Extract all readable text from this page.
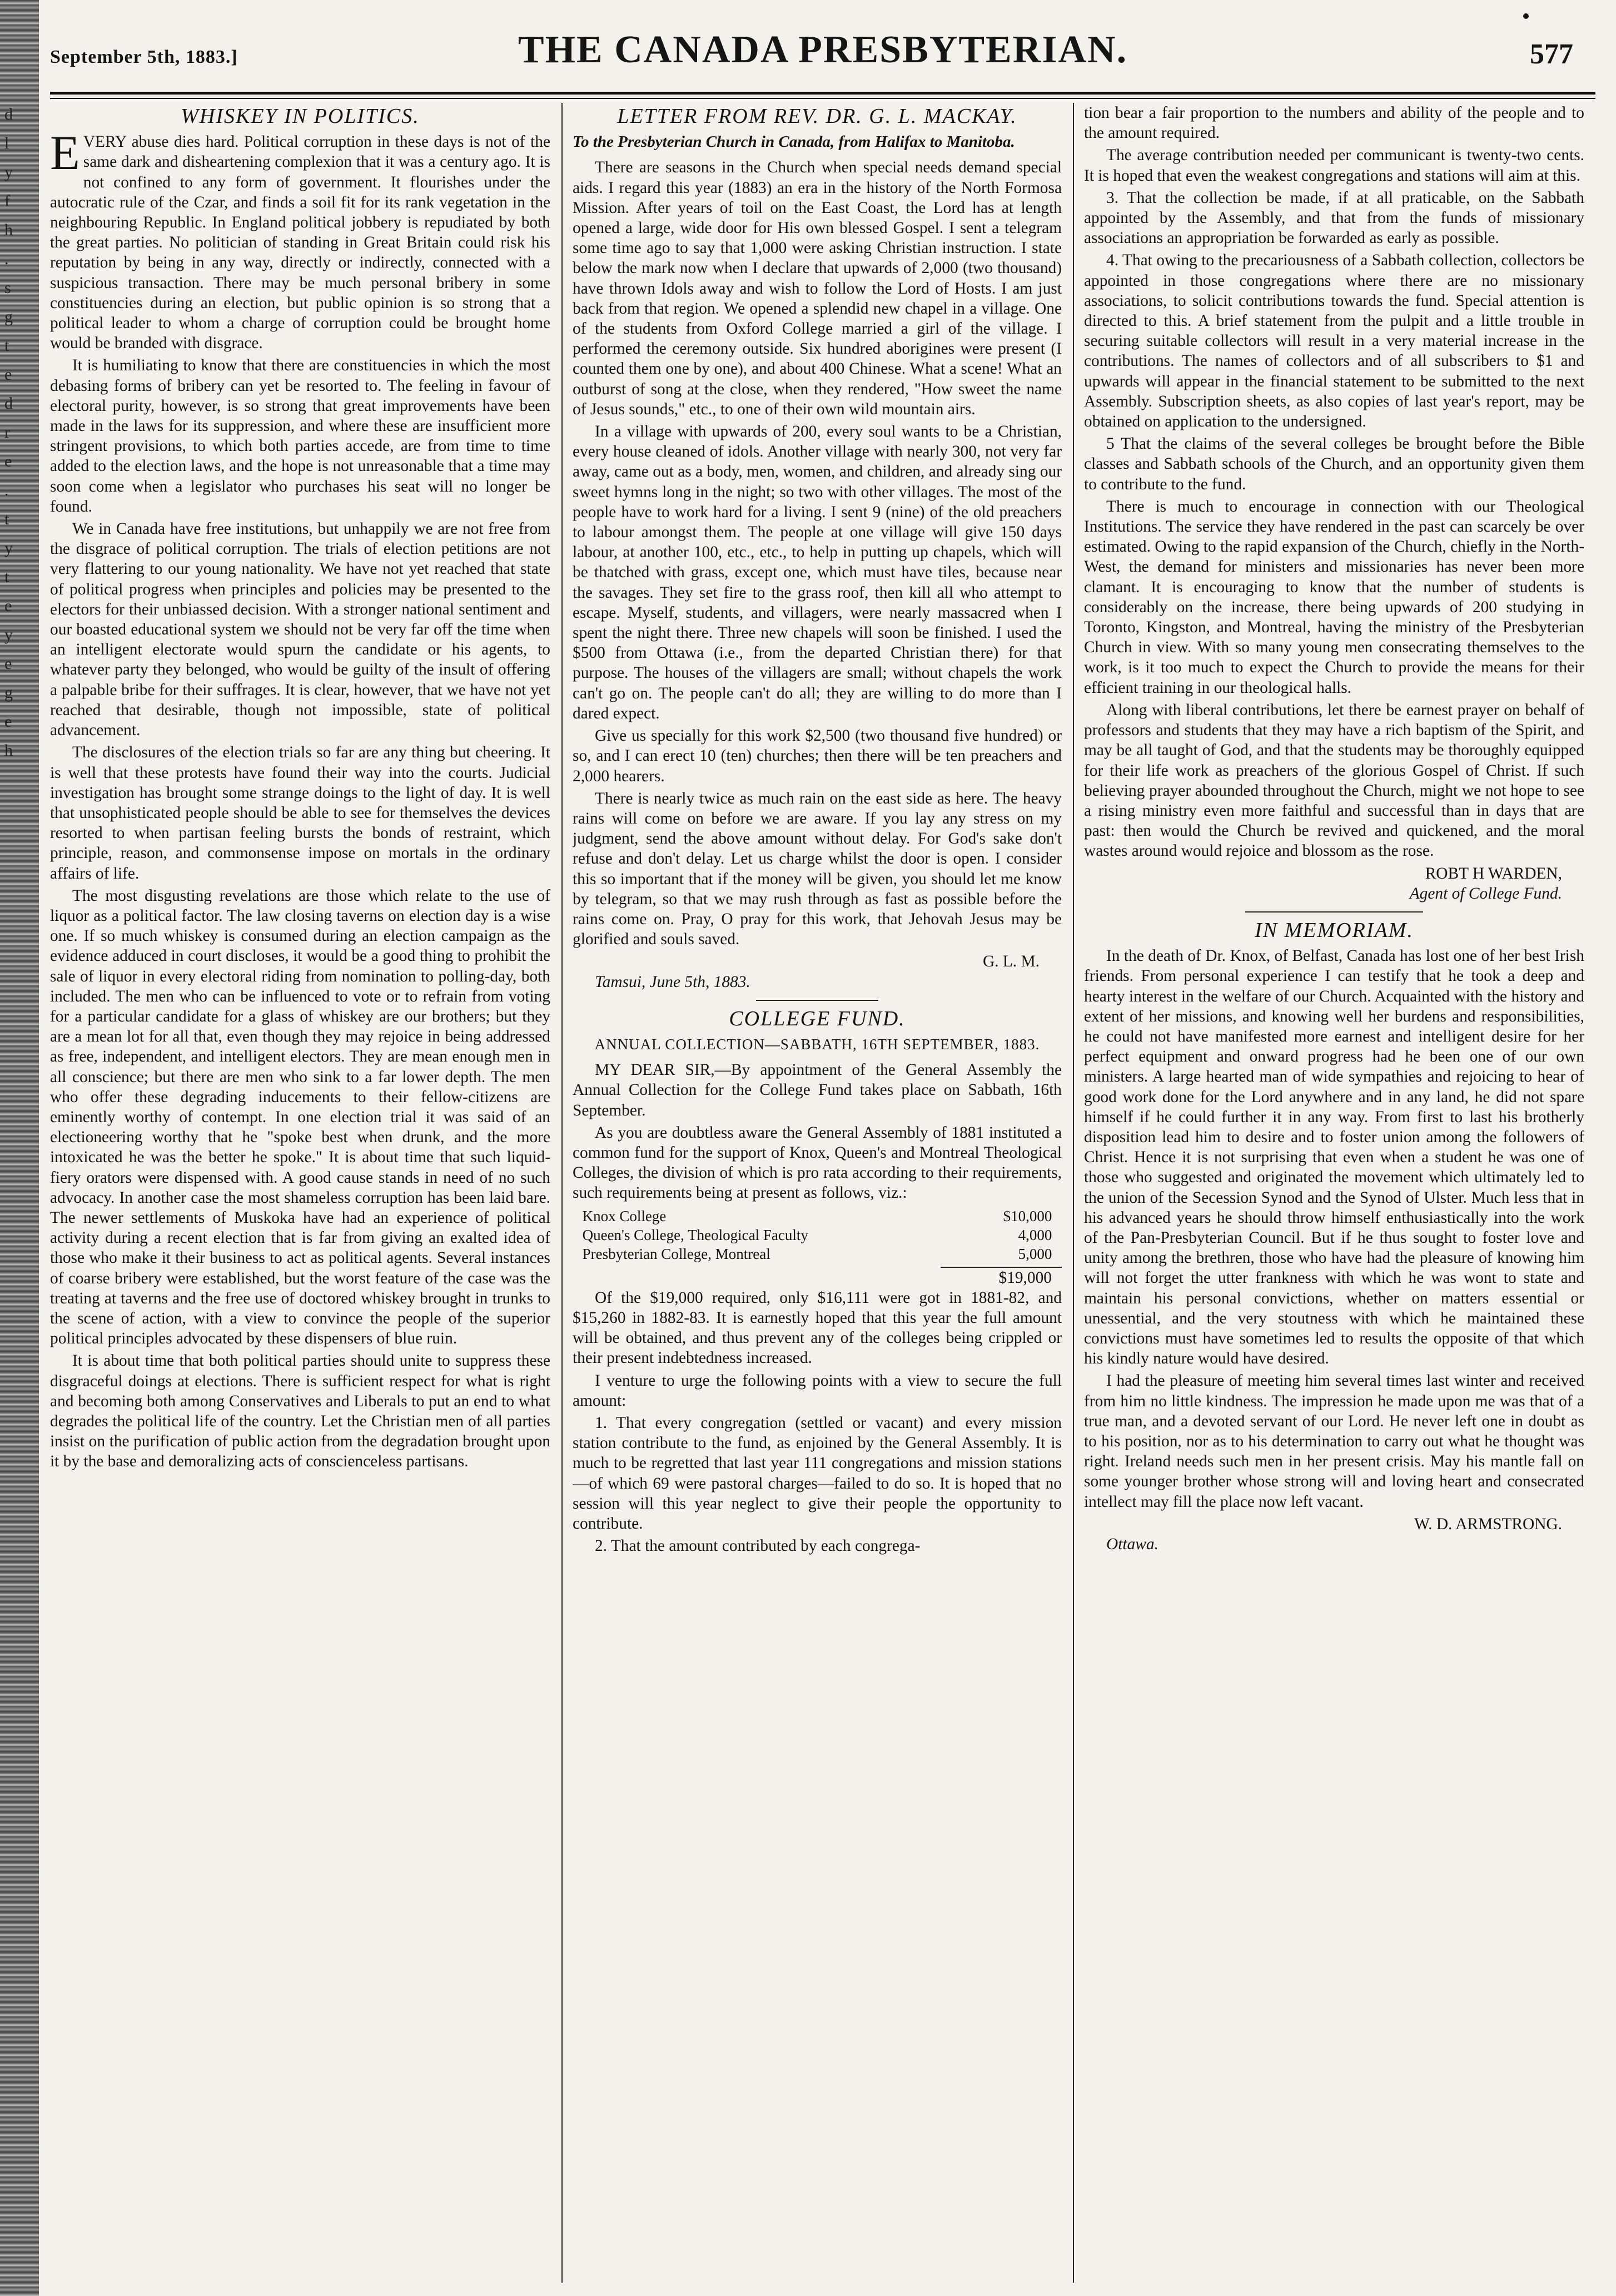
d
l
y
f
h
.
s
g
t
e
d
r
e
.
t
y
t
e
y
e
g
e
h
September 5th, 1883.]	THE CANADA PRESBYTERIAN.	577
WHISKEY IN POLITICS.

EVERY abuse dies hard. Political corruption in these days is not of the same dark and disheartening complexion that it was a century ago. It is not confined to any form of government. It flourishes under the autocratic rule of the Czar, and finds a soil fit for its rank vegetation in the neighbouring Republic. In England political jobbery is repudiated by both the great parties. No politician of standing in Great Britain could risk his reputation by being in any way, directly or indirectly, connected with a suspicious transaction. There may be much personal bribery in some constituencies during an election, but public opinion is so strong that a political leader to whom a charge of corruption could be brought home would be branded with disgrace.

It is humiliating to know that there are constituencies in which the most debasing forms of bribery can yet be resorted to. The feeling in favour of electoral purity, however, is so strong that great improvements have been made in the laws for its suppression, and where these are insufficient more stringent provisions, to which both parties accede, are from time to time added to the election laws, and the hope is not unreasonable that a time may soon come when a legislator who purchases his seat will no longer be found.

We in Canada have free institutions, but unhappily we are not free from the disgrace of political corruption. The trials of election petitions are not very flattering to our young nationality. We have not yet reached that state of political progress when principles and policies may be presented to the electors for their unbiassed decision. With a stronger national sentiment and our boasted educational system we should not be very far off the time when an intelligent electorate would spurn the candidate or his agents, to whatever party they belonged, who would be guilty of the insult of offering a palpable bribe for their suffrages. It is clear, however, that we have not yet reached that desirable, though not impossible, state of political advancement.

The disclosures of the election trials so far are any thing but cheering. It is well that these protests have found their way into the courts. Judicial investigation has brought some strange doings to the light of day. It is well that unsophisticated people should be able to see for themselves the devices resorted to when partisan feeling bursts the bonds of restraint, which principle, reason, and commonsense impose on mortals in the ordinary affairs of life.

The most disgusting revelations are those which relate to the use of liquor as a political factor. The law closing taverns on election day is a wise one. If so much whiskey is consumed during an election campaign as the evidence adduced in court discloses, it would be a good thing to prohibit the sale of liquor in every electoral riding from nomination to polling-day, both included. The men who can be influenced to vote or to refrain from voting for a particular candidate for a glass of whiskey are our brothers; but they are a mean lot for all that, even though they may rejoice in being addressed as free, independent, and intelligent electors. They are mean enough men in all conscience; but there are men who sink to a far lower depth. The men who offer these degrading inducements to their fellow-citizens are eminently worthy of contempt. In one election trial it was said of an electioneering worthy that he "spoke best when drunk, and the more intoxicated he was the better he spoke." It is about time that such liquid-fiery orators were dispensed with. A good cause stands in need of no such advocacy. In another case the most shameless corruption has been laid bare. The newer settlements of Muskoka have had an experience of political activity during a recent election that is far from giving an exalted idea of those who make it their business to act as political agents. Several instances of coarse bribery were established, but the worst feature of the case was the treating at taverns and the free use of doctored whiskey brought in trunks to the scene of action, with a view to convince the people of the superior political principles advocated by these dispensers of blue ruin.

It is about time that both political parties should unite to suppress these disgraceful doings at elections. There is sufficient respect for what is right and becoming both among Conservatives and Liberals to put an end to what degrades the political life of the country. Let the Christian men of all parties insist on the purification of public action from the degradation brought upon it by the base and demoralizing acts of conscienceless partisans.

LETTER FROM REV. DR. G. L. MACKAY.

To the Presbyterian Church in Canada, from Halifax to Manitoba.

There are seasons in the Church when special needs demand special aids. I regard this year (1883) an era in the history of the North Formosa Mission. After years of toil on the East Coast, the Lord has at length opened a large, wide door for His own blessed Gospel. I sent a telegram some time ago to say that 1,000 were asking Christian instruction. I state below the mark now when I declare that upwards of 2,000 (two thousand) have thrown Idols away and wish to follow the Lord of Hosts. I am just back from that region. We opened a splendid new chapel in a village. One of the students from Oxford College married a girl of the village. I performed the ceremony outside. Six hundred aborigines were present (I counted them one by one), and about 400 Chinese. What a scene! What an outburst of song at the close, when they rendered, "How sweet the name of Jesus sounds," etc., to one of their own wild mountain airs.

In a village with upwards of 200, every soul wants to be a Christian, every house cleaned of idols. Another village with nearly 300, not very far away, came out as a body, men, women, and children, and already sing our sweet hymns long in the night; so two with other villages. The most of the people have to work hard for a living. I sent 9 (nine) of the old preachers to labour amongst them. The people at one village will give 150 days labour, at another 100, etc., etc., to help in putting up chapels, which will be thatched with grass, except one, which must have tiles, because near the savages. They set fire to the grass roof, then kill all who attempt to escape. Myself, students, and villagers, were nearly massacred when I spent the night there. Three new chapels will soon be finished. I used the $500 from Ottawa (i.e., from the departed Christian there) for that purpose. The houses of the villagers are small; without chapels the work can't go on. The people can't do all; they are willing to do more than I dared expect.

Give us specially for this work $2,500 (two thousand five hundred) or so, and I can erect 10 (ten) churches; then there will be ten preachers and 2,000 hearers.

There is nearly twice as much rain on the east side as here. The heavy rains will come on before we are aware. If you lay any stress on my judgment, send the above amount without delay. For God's sake don't refuse and don't delay. Let us charge whilst the door is open. I consider this so important that if the money will be given, you should let me know by telegram, so that we may rush through as fast as possible before the rains come on. Pray, O pray for this work, that Jehovah Jesus may be glorified and souls saved.

G. L. M.
Tamsui, June 5th, 1883.
COLLEGE FUND.
ANNUAL COLLECTION—SABBATH, 16TH SEPTEMBER, 1883.

MY DEAR SIR,—By appointment of the General Assembly the Annual Collection for the College Fund takes place on Sabbath, 16th September.

As you are doubtless aware the General Assembly of 1881 instituted a common fund for the support of Knox, Queen's and Montreal Theological Colleges, the division of which is pro rata according to their requirements, such requirements being at present as follows, viz.:

Knox College	$10,000
Queen's College, Theological Faculty	4,000
Presbyterian College, Montreal	5,000
$19,000

Of the $19,000 required, only $16,111 were got in 1881-82, and $15,260 in 1882-83. It is earnestly hoped that this year the full amount will be obtained, and thus prevent any of the colleges being crippled or their present indebtedness increased.

I venture to urge the following points with a view to secure the full amount:

1. That every congregation (settled or vacant) and every mission station contribute to the fund, as enjoined by the General Assembly. It is much to be regretted that last year 111 congregations and mission stations—of which 69 were pastoral charges—failed to do so. It is hoped that no session will this year neglect to give their people the opportunity to contribute.

2. That the amount contributed by each congrega-

tion bear a fair proportion to the numbers and ability of the people and to the amount required.

The average contribution needed per communicant is twenty-two cents. It is hoped that even the weakest congregations and stations will aim at this.

3. That the collection be made, if at all praticable, on the Sabbath appointed by the Assembly, and that from the funds of missionary associations an appropriation be forwarded as early as possible.

4. That owing to the precariousness of a Sabbath collection, collectors be appointed in those congregations where there are no missionary associations, to solicit contributions towards the fund. Special attention is directed to this. A brief statement from the pulpit and a little trouble in securing suitable collectors will result in a very material increase in the contributions. The names of collectors and of all subscribers to $1 and upwards will appear in the financial statement to be submitted to the next Assembly. Subscription sheets, as also copies of last year's report, may be obtained on application to the undersigned.

5 That the claims of the several colleges be brought before the Bible classes and Sabbath schools of the Church, and an opportunity given them to contribute to the fund.

There is much to encourage in connection with our Theological Institutions. The service they have rendered in the past can scarcely be over estimated. Owing to the rapid expansion of the Church, chiefly in the North-West, the demand for ministers and missionaries has never been more clamant. It is encouraging to know that the number of students is considerably on the increase, there being upwards of 200 studying in Toronto, Kingston, and Montreal, having the ministry of the Presbyterian Church in view. With so many young men consecrating themselves to the work, is it too much to expect the Church to provide the means for their efficient training in our theological halls.

Along with liberal contributions, let there be earnest prayer on behalf of professors and students that they may have a rich baptism of the Spirit, and may be all taught of God, and that the students may be thoroughly equipped for their life work as preachers of the glorious Gospel of Christ. If such believing prayer abounded throughout the Church, might we not hope to see a rising ministry even more faithful and successful than in days that are past: then would the Church be revived and quickened, and the moral wastes around would rejoice and blossom as the rose.

ROBT H WARDEN,
Agent of College Fund.
IN MEMORIAM.

In the death of Dr. Knox, of Belfast, Canada has lost one of her best Irish friends. From personal experience I can testify that he took a deep and hearty interest in the welfare of our Church. Acquainted with the history and extent of her missions, and knowing well her burdens and responsibilities, he could not have manifested more earnest and intelligent desire for her perfect equipment and onward progress had he been one of our own ministers. A large hearted man of wide sympathies and rejoicing to hear of good work done for the Lord anywhere and in any land, he did not spare himself if he could further it in any way. From first to last his brotherly disposition lead him to desire and to foster union among the followers of Christ. Hence it is not surprising that even when a student he was one of those who suggested and originated the movement which ultimately led to the union of the Secession Synod and the Synod of Ulster. Much less that in his advanced years he should throw himself enthusiastically into the work of the Pan-Presbyterian Council. But if he thus sought to foster love and unity among the brethren, those who have had the pleasure of knowing him will not forget the utter frankness with which he was wont to state and maintain his personal convictions, whether on matters essential or unessential, and the very stoutness with which he maintained these convictions must have sometimes led to results the opposite of that which his kindly nature would have desired.

I had the pleasure of meeting him several times last winter and received from him no little kindness. The impression he made upon me was that of a true man, and a devoted servant of our Lord. He never left one in doubt as to his position, nor as to his determination to carry out what he thought was right. Ireland needs such men in her present crisis. May his mantle fall on some younger brother whose strong will and loving heart and consecrated intellect may fill the place now left vacant.

W. D. ARMSTRONG.
Ottawa.
